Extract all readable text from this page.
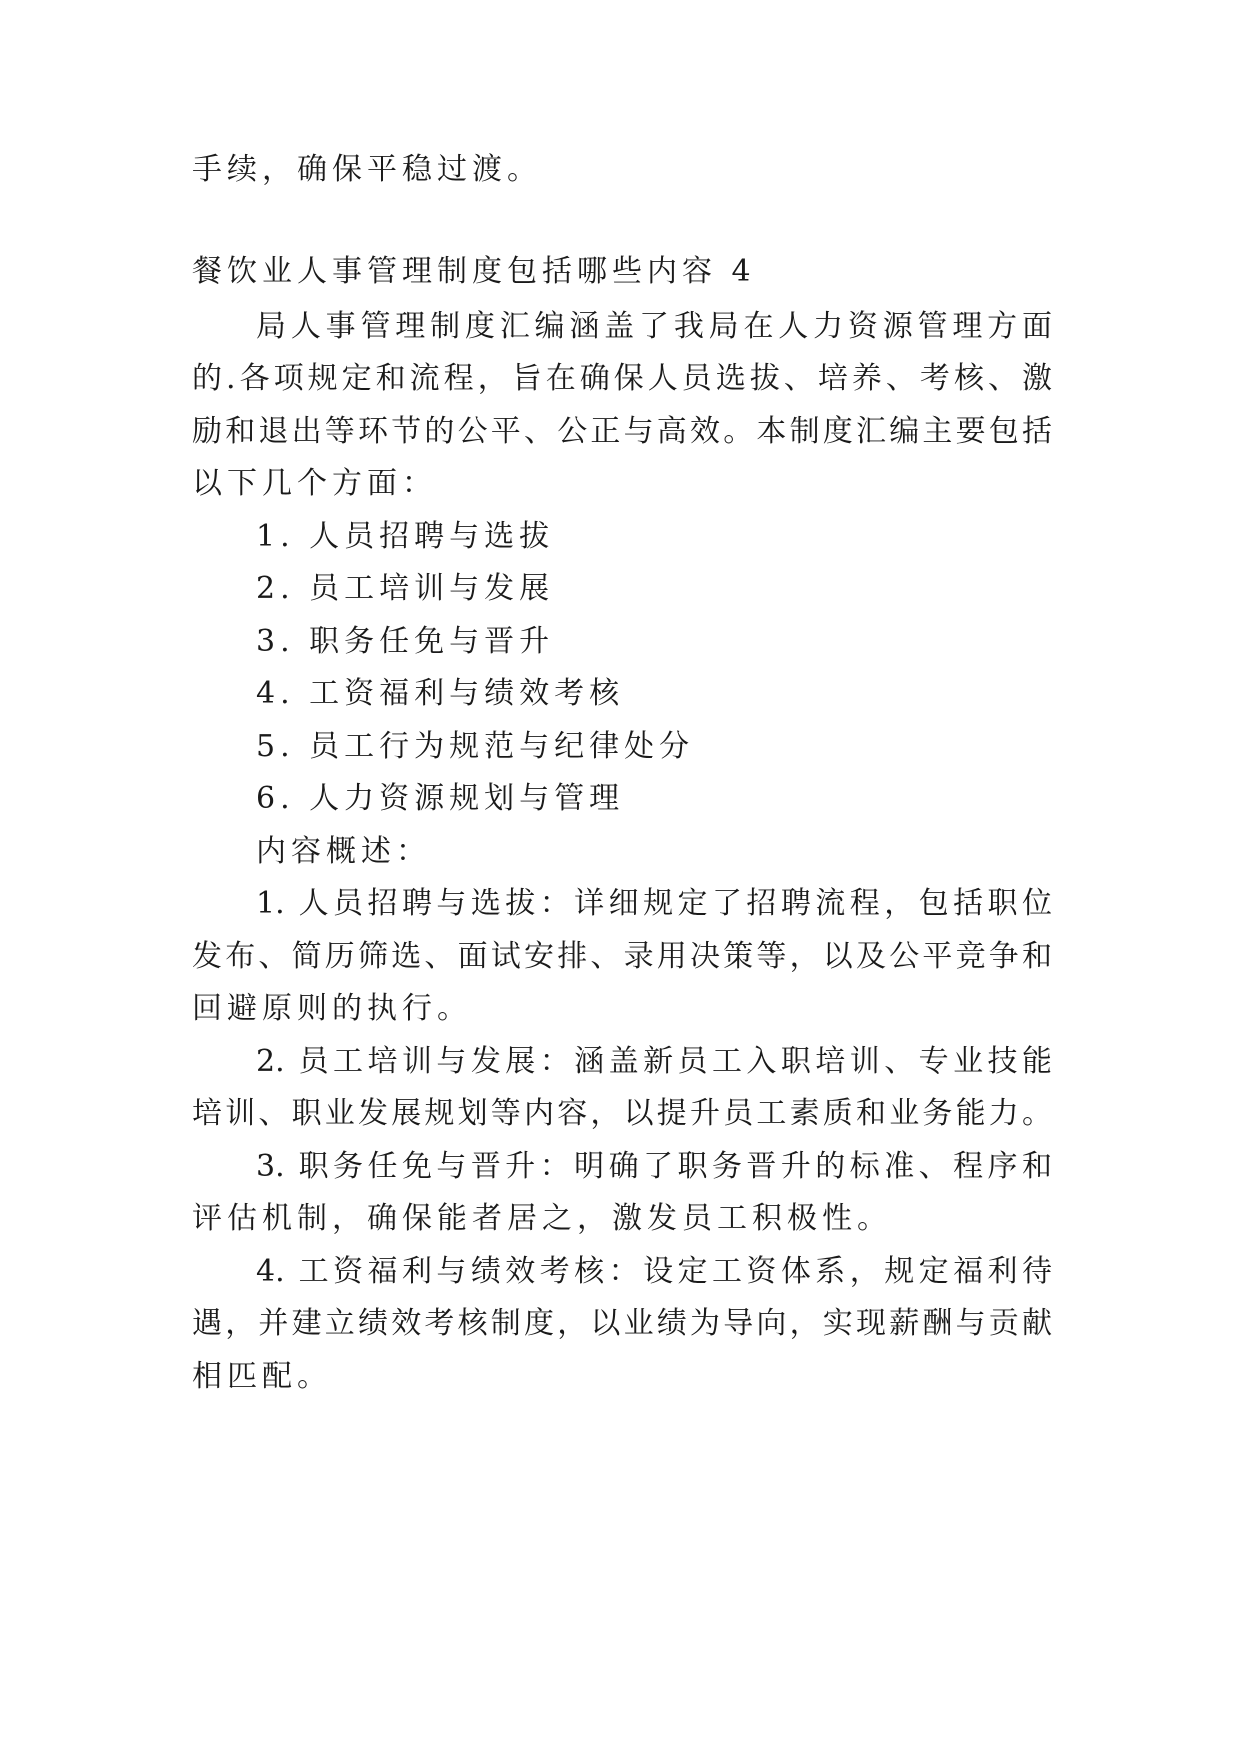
手续，确保平稳过渡。
餐饮业人事管理制度包括哪些内容 4
局人事管理制度汇编涵盖了我局在人力资源管理方面
的.各项规定和流程，旨在确保人员选拔、培养、考核、激
励和退出等环节的公平、公正与高效。本制度汇编主要包括
以下几个方面：
1. 人员招聘与选拔
2. 员工培训与发展
3. 职务任免与晋升
4. 工资福利与绩效考核
5. 员工行为规范与纪律处分
6. 人力资源规划与管理
内容概述：
1. 人员招聘与选拔：详细规定了招聘流程，包括职位
发布、简历筛选、面试安排、录用决策等，以及公平竞争和
回避原则的执行。
2. 员工培训与发展：涵盖新员工入职培训、专业技能
培训、职业发展规划等内容，以提升员工素质和业务能力。
3. 职务任免与晋升：明确了职务晋升的标准、程序和
评估机制，确保能者居之，激发员工积极性。
4. 工资福利与绩效考核：设定工资体系，规定福利待
遇，并建立绩效考核制度，以业绩为导向，实现薪酬与贡献
相匹配。
